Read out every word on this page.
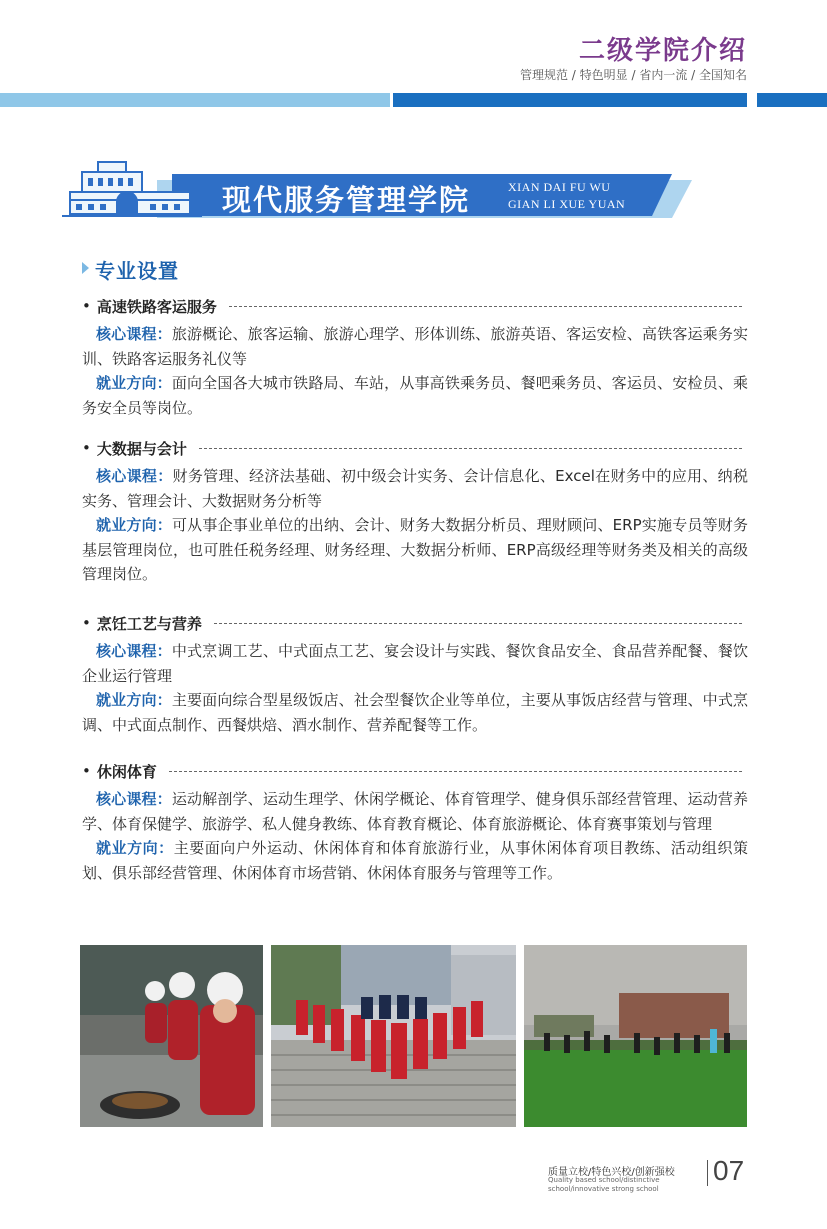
二级学院介绍
管理规范 / 特色明显 / 省内一流 / 全国知名
现代服务管理学院	XIAN DAI FU WU
GIAN LI XUE YUAN
专业设置
• 高速铁路客运服务
核心课程：旅游概论、旅客运输、旅游心理学、形体训练、旅游英语、客运安检、高铁客运乘务实训、铁路客运服务礼仪等
就业方向：面向全国各大城市铁路局、车站，从事高铁乘务员、餐吧乘务员、客运员、安检员、乘务安全员等岗位。
• 大数据与会计
核心课程：财务管理、经济法基础、初中级会计实务、会计信息化、Excel在财务中的应用、纳税实务、管理会计、大数据财务分析等
就业方向：可从事企事业单位的出纳、会计、财务大数据分析员、理财顾问、ERP实施专员等财务基层管理岗位，也可胜任税务经理、财务经理、大数据分析师、ERP高级经理等财务类及相关的高级管理岗位。
• 烹饪工艺与营养
核心课程：中式烹调工艺、中式面点工艺、宴会设计与实践、餐饮食品安全、食品营养配餐、餐饮企业运行管理
就业方向：主要面向综合型星级饭店、社会型餐饮企业等单位，主要从事饭店经营与管理、中式烹调、中式面点制作、西餐烘焙、酒水制作、营养配餐等工作。
• 休闲体育
核心课程：运动解剖学、运动生理学、休闲学概论、体育管理学、健身俱乐部经营管理、运动营养学、体育保健学、旅游学、私人健身教练、体育教育概论、体育旅游概论、体育赛事策划与管理
就业方向：主要面向户外运动、休闲体育和体育旅游行业，从事休闲体育项目教练、活动组织策划、俱乐部经营管理、休闲体育市场营销、休闲体育服务与管理等工作。
质量立校/特色兴校/创新强校
Quality based school/distinctive school/innovative strong school
07
